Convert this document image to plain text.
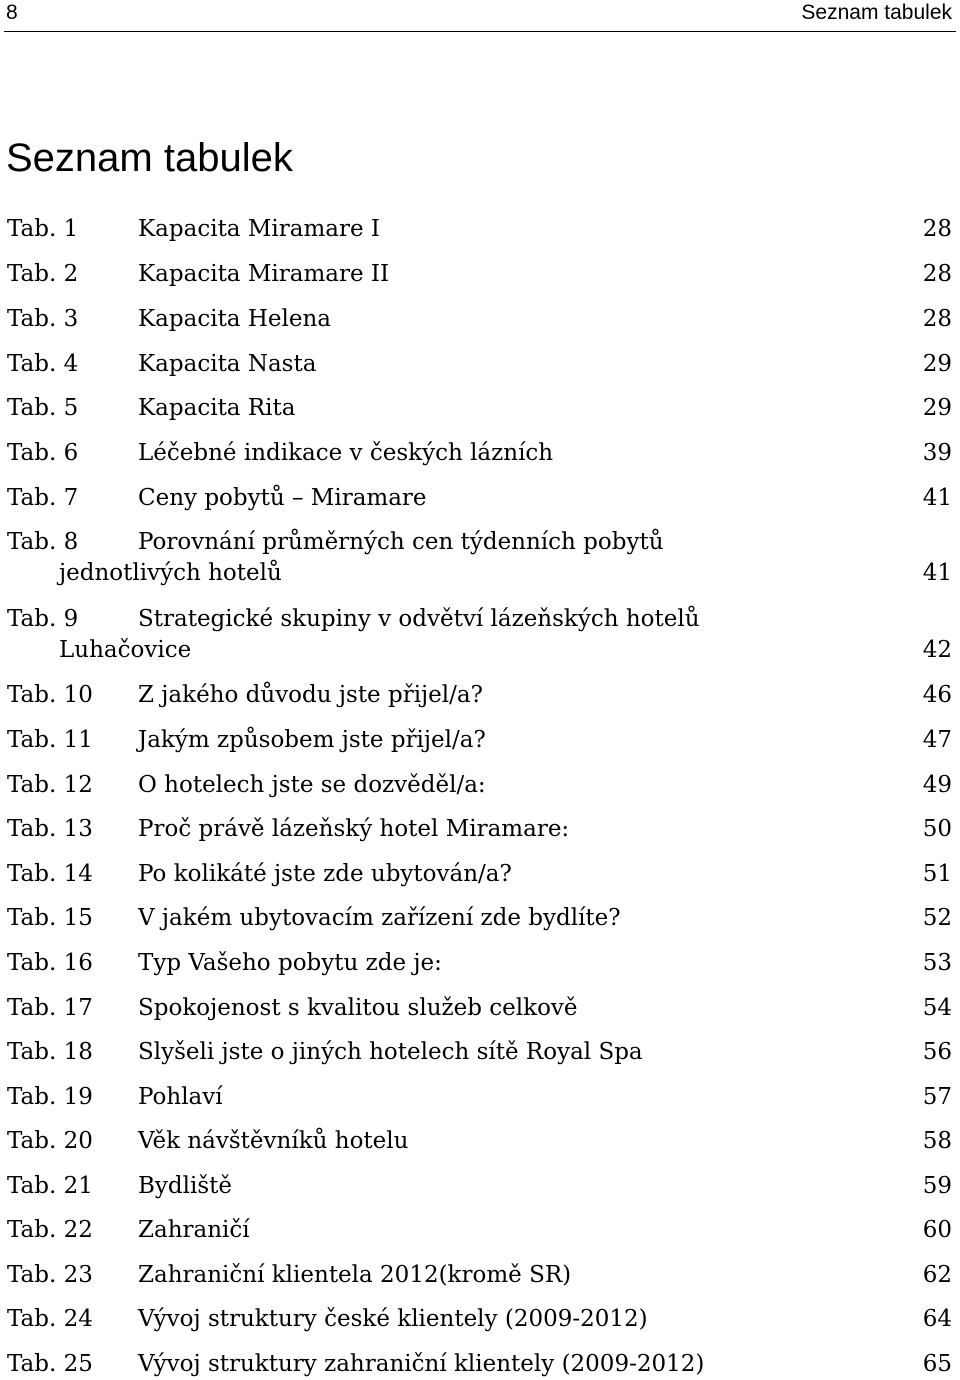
8	Seznam tabulek
Seznam tabulek
Tab. 1	Kapacita Miramare I	28
Tab. 2	Kapacita Miramare II	28
Tab. 3	Kapacita Helena	28
Tab. 4	Kapacita Nasta	29
Tab. 5	Kapacita Rita	29
Tab. 6	Léčebné indikace v českých lázních	39
Tab. 7	Ceny pobytů – Miramare	41
Tab. 8	Porovnání průměrných cen týdenních pobytů
jednotlivých hotelů	41
Tab. 9	Strategické skupiny v odvětví lázeňských hotelů
Luhačovice	42
Tab. 10 Z jakého důvodu jste přijel/a?	46
Tab. 11 Jakým způsobem jste přijel/a?	47
Tab. 12 O hotelech jste se dozvěděl/a:	49
Tab. 13 Proč právě lázeňský hotel Miramare:	50
Tab. 14 Po kolikáté jste zde ubytován/a?	51
Tab. 15 V jakém ubytovacím zařízení zde bydlíte?	52
Tab. 16 Typ Vašeho pobytu zde je:	53
Tab. 17 Spokojenost s kvalitou služeb celkově	54
Tab. 18 Slyšeli jste o jiných hotelech sítě Royal Spa	56
Tab. 19 Pohlaví	57
Tab. 20 Věk návštěvníků hotelu	58
Tab. 21 Bydliště	59
Tab. 22 Zahraničí	60
Tab. 23 Zahraniční klientela 2012(kromě SR)	62
Tab. 24 Vývoj struktury české klientely (2009-2012)	64
Tab. 25 Vývoj struktury zahraniční klientely (2009-2012)	65
